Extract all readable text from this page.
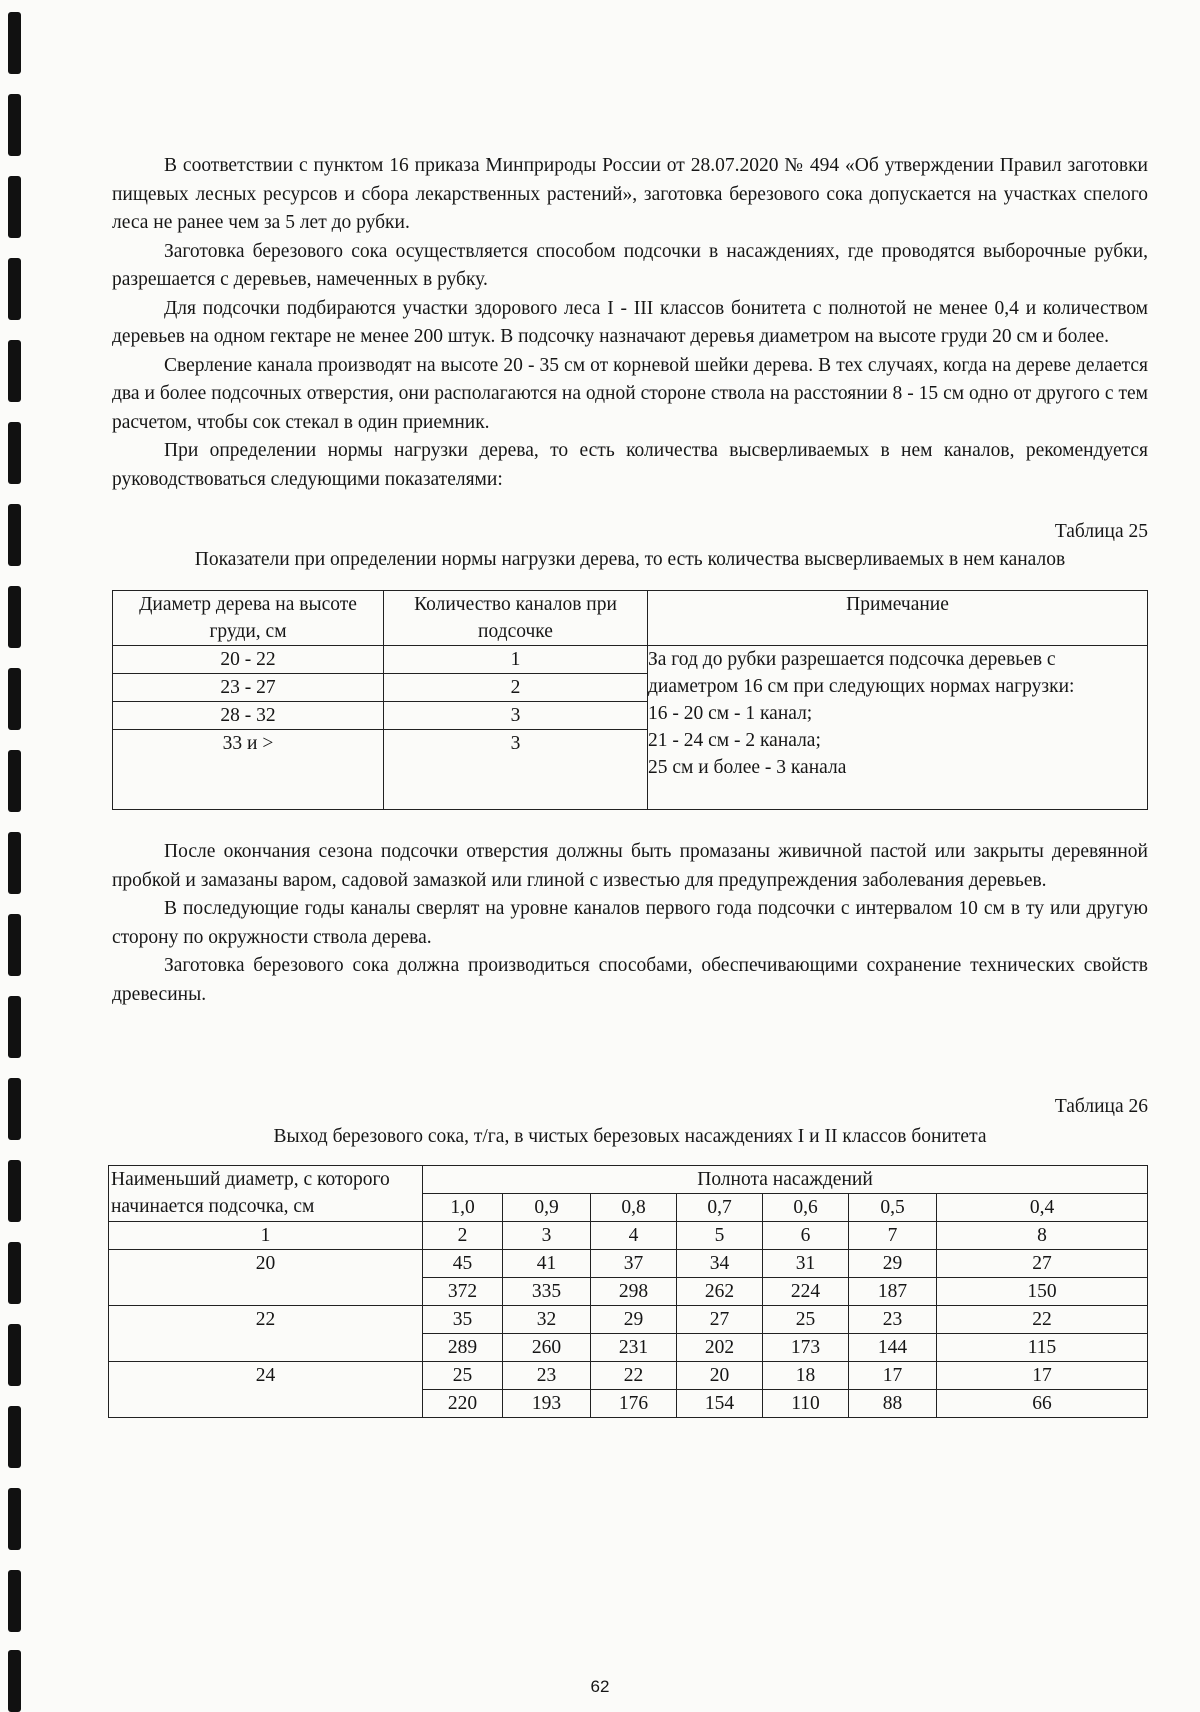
В соответствии с пунктом 16 приказа Минприроды России от 28.07.2020 № 494 «Об утверждении Правил заготовки пищевых лесных ресурсов и сбора лекарственных растений», заготовка березового сока допускается на участках спелого леса не ранее чем за 5 лет до рубки.

Заготовка березового сока осуществляется способом подсочки в насаждениях, где проводятся выборочные рубки, разрешается с деревьев, намеченных в рубку.

Для подсочки подбираются участки здорового леса I - III классов бонитета с полнотой не менее 0,4 и количеством деревьев на одном гектаре не менее 200 штук. В подсочку назначают деревья диаметром на высоте груди 20 см и более.

Сверление канала производят на высоте 20 - 35 см от корневой шейки дерева. В тех случаях, когда на дереве делается два и более подсочных отверстия, они располагаются на одной стороне ствола на расстоянии 8 - 15 см одно от другого с тем расчетом, чтобы сок стекал в один приемник.

При определении нормы нагрузки дерева, то есть количества высверливаемых в нем каналов, рекомендуется руководствоваться следующими показателями:

Таблица 25

Показатели при определении нормы нагрузки дерева, то есть количества высверливаемых в нем каналов

Диаметр дерева на высоте груди, см	Количество каналов при подсочке	Примечание
20 - 22	1	За год до рубки разрешается подсочка деревьев с диаметром 16 см при следующих нормах нагрузки:
16 - 20 см - 1 канал;
21 - 24 см - 2 канала;
25 см и более - 3 канала

23 - 27	2	
28 - 32	3	
33 и >	3	

После окончания сезона подсочки отверстия должны быть промазаны живичной пастой или закрыты деревянной пробкой и замазаны варом, садовой замазкой или глиной с известью для предупреждения заболевания деревьев.

В последующие годы каналы сверлят на уровне каналов первого года подсочки с интервалом 10 см в ту или другую сторону по окружности ствола дерева.

Заготовка березового сока должна производиться способами, обеспечивающими сохранение технических свойств древесины.

Таблица 26

Выход березового сока, т/га, в чистых березовых насаждениях I и II классов бонитета

Наименьший диаметр, с которого начинается подсочка, см	Полнота насаждений						
	1,0	0,9	0,8	0,7	0,6	0,5	0,4
1	2	3	4	5	6	7	8
20	45	41	37	34	31	29	27
	372	335	298	262	224	187	150
22	35	32	29	27	25	23	22
	289	260	231	202	173	144	115
24	25	23	22	20	18	17	17
	220	193	176	154	110	88	66
62
